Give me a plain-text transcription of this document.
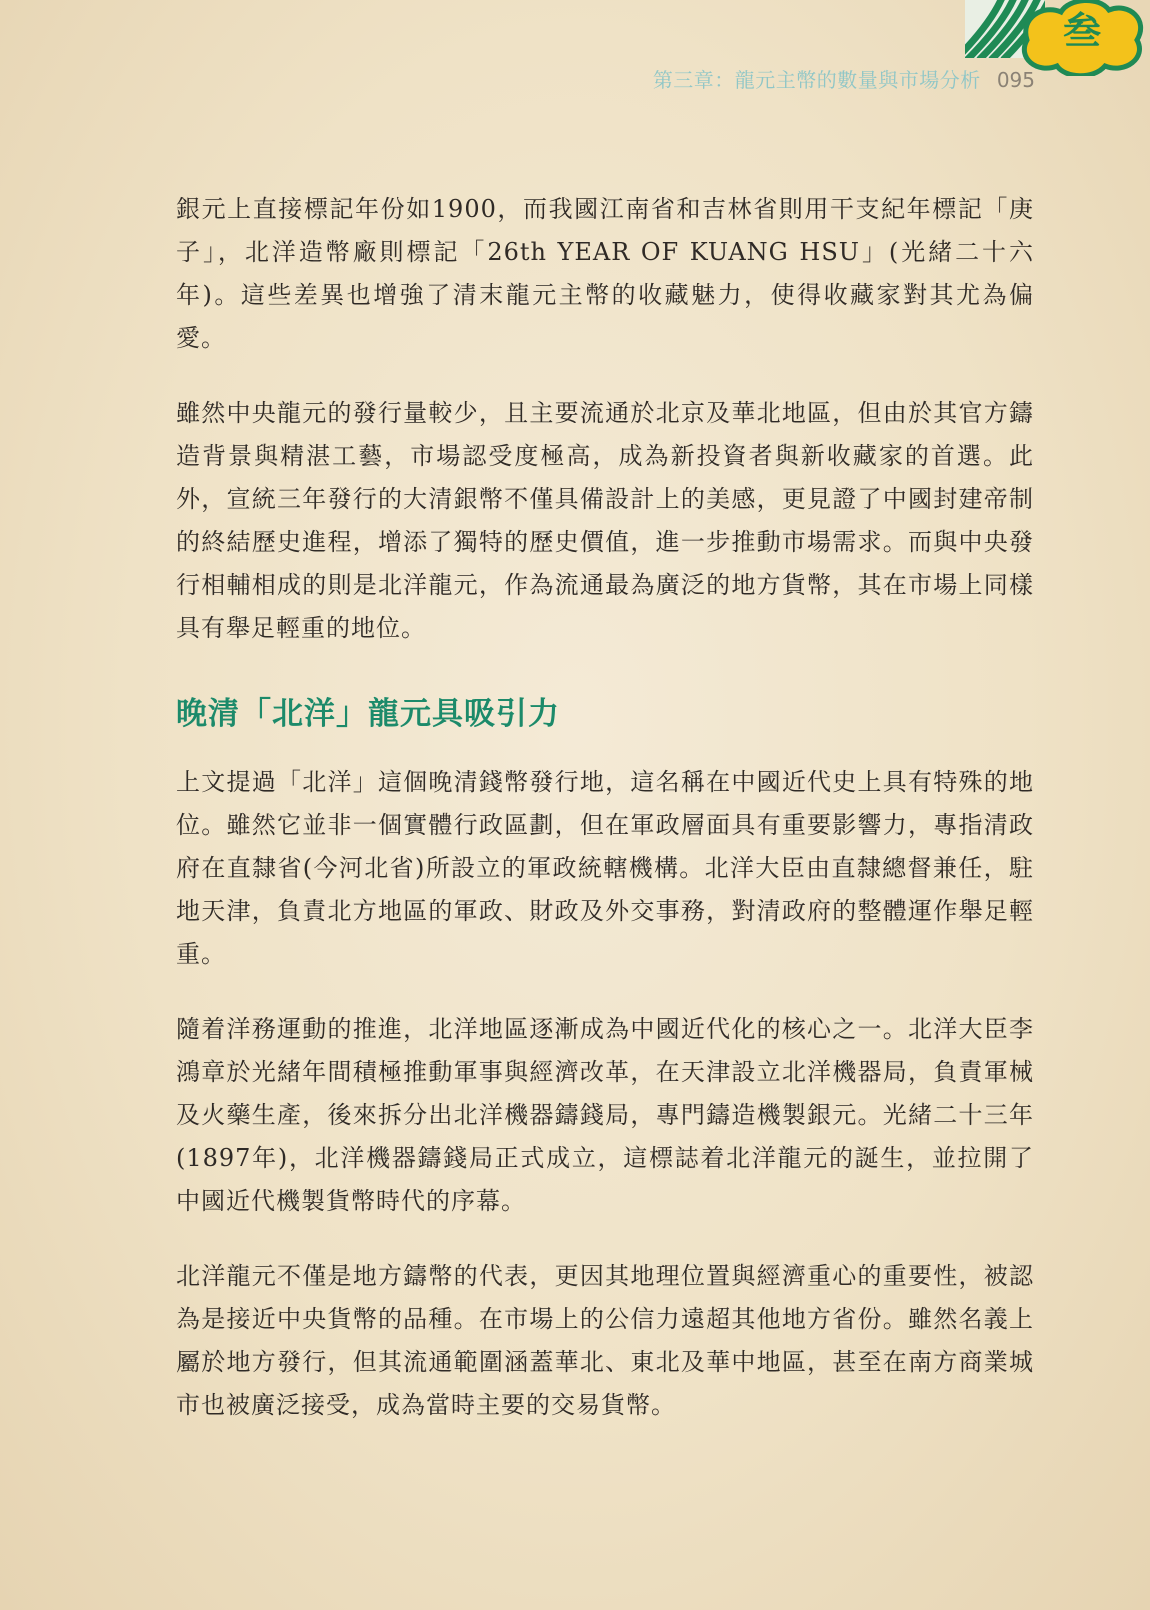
叁
第三章：龍元主幣的數量與市場分析 095

銀元上直接標記年份如1900，而我國江南省和吉林省則用干支紀年標記「庚子」，北洋造幣廠則標記「26th YEAR OF KUANG HSU」(光緒二十六年)。這些差異也增強了清末龍元主幣的收藏魅力，使得收藏家對其尤為偏愛。

雖然中央龍元的發行量較少，且主要流通於北京及華北地區，但由於其官方鑄造背景與精湛工藝，市場認受度極高，成為新投資者與新收藏家的首選。此外，宣統三年發行的大清銀幣不僅具備設計上的美感，更見證了中國封建帝制的終結歷史進程，增添了獨特的歷史價值，進一步推動市場需求。而與中央發行相輔相成的則是北洋龍元，作為流通最為廣泛的地方貨幣，其在市場上同樣具有舉足輕重的地位。

晚清「北洋」龍元具吸引力

上文提過「北洋」這個晚清錢幣發行地，這名稱在中國近代史上具有特殊的地位。雖然它並非一個實體行政區劃，但在軍政層面具有重要影響力，專指清政府在直隸省(今河北省)所設立的軍政統轄機構。北洋大臣由直隸總督兼任，駐地天津，負責北方地區的軍政、財政及外交事務，對清政府的整體運作舉足輕重。

隨着洋務運動的推進，北洋地區逐漸成為中國近代化的核心之一。北洋大臣李鴻章於光緒年間積極推動軍事與經濟改革，在天津設立北洋機器局，負責軍械及火藥生產，後來拆分出北洋機器鑄錢局，專門鑄造機製銀元。光緒二十三年(1897年)，北洋機器鑄錢局正式成立，這標誌着北洋龍元的誕生，並拉開了中國近代機製貨幣時代的序幕。

北洋龍元不僅是地方鑄幣的代表，更因其地理位置與經濟重心的重要性，被認為是接近中央貨幣的品種。在市場上的公信力遠超其他地方省份。雖然名義上屬於地方發行，但其流通範圍涵蓋華北、東北及華中地區，甚至在南方商業城市也被廣泛接受，成為當時主要的交易貨幣。
